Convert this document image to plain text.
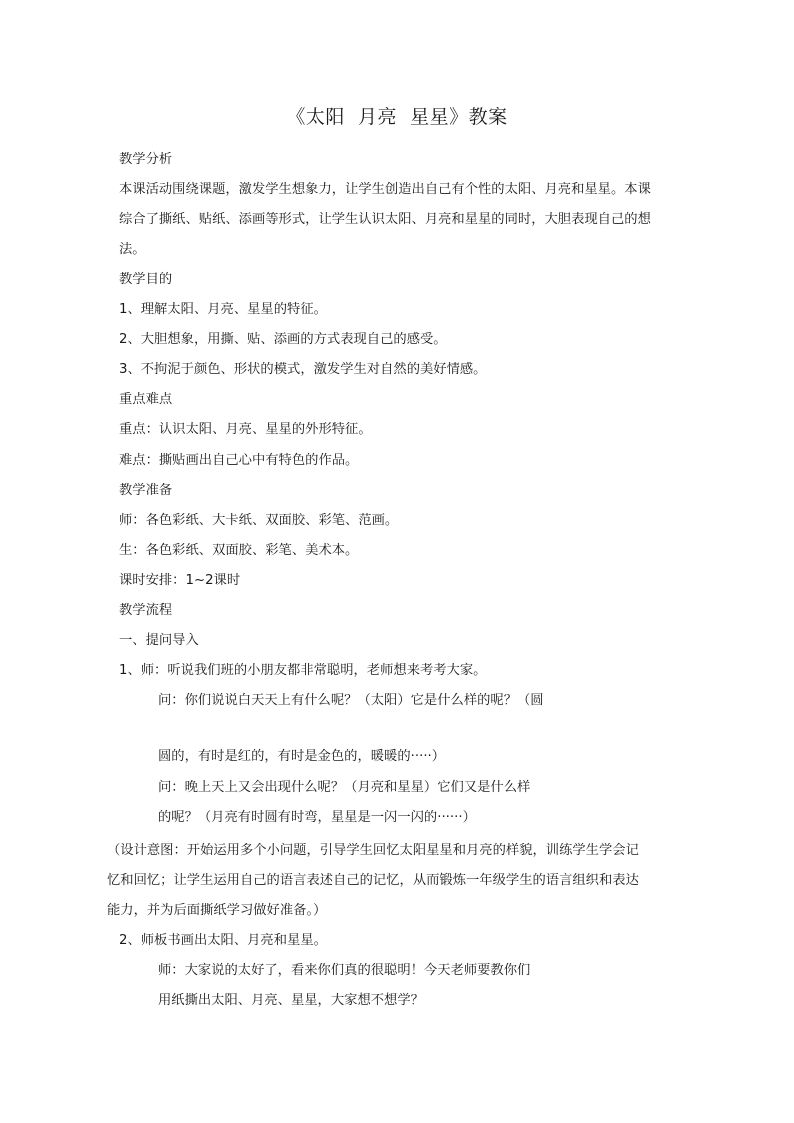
《太阳  月亮  星星》教案
教学分析
本课活动围绕课题，激发学生想象力，让学生创造出自己有个性的太阳、月亮和星星。本课
综合了撕纸、贴纸、添画等形式，让学生认识太阳、月亮和星星的同时，大胆表现自己的想
法。
教学目的
1、理解太阳、月亮、星星的特征。
2、大胆想象，用撕、贴、添画的方式表现自己的感受。
3、不拘泥于颜色、形状的模式，激发学生对自然的美好情感。
重点难点
重点：认识太阳、月亮、星星的外形特征。
难点：撕贴画出自己心中有特色的作品。
教学准备
师：各色彩纸、大卡纸、双面胶、彩笔、范画。
生：各色彩纸、双面胶、彩笔、美术本。
课时安排：1~2课时
教学流程
一、提问导入
1、师：听说我们班的小朋友都非常聪明，老师想来考考大家。
问：你们说说白天天上有什么呢？（太阳）它是什么样的呢？（圆
圆的，有时是红的，有时是金色的，暖暖的·····）
问：晚上天上又会出现什么呢？（月亮和星星）它们又是什么样
的呢？（月亮有时圆有时弯，星星是一闪一闪的······）
（设计意图：开始运用多个小问题，引导学生回忆太阳星星和月亮的样貌，训练学生学会记
忆和回忆；让学生运用自己的语言表述自己的记忆，从而锻炼一年级学生的语言组织和表达
能力，并为后面撕纸学习做好准备。）
2、师板书画出太阳、月亮和星星。
师：大家说的太好了，看来你们真的很聪明！今天老师要教你们
用纸撕出太阳、月亮、星星，大家想不想学？
